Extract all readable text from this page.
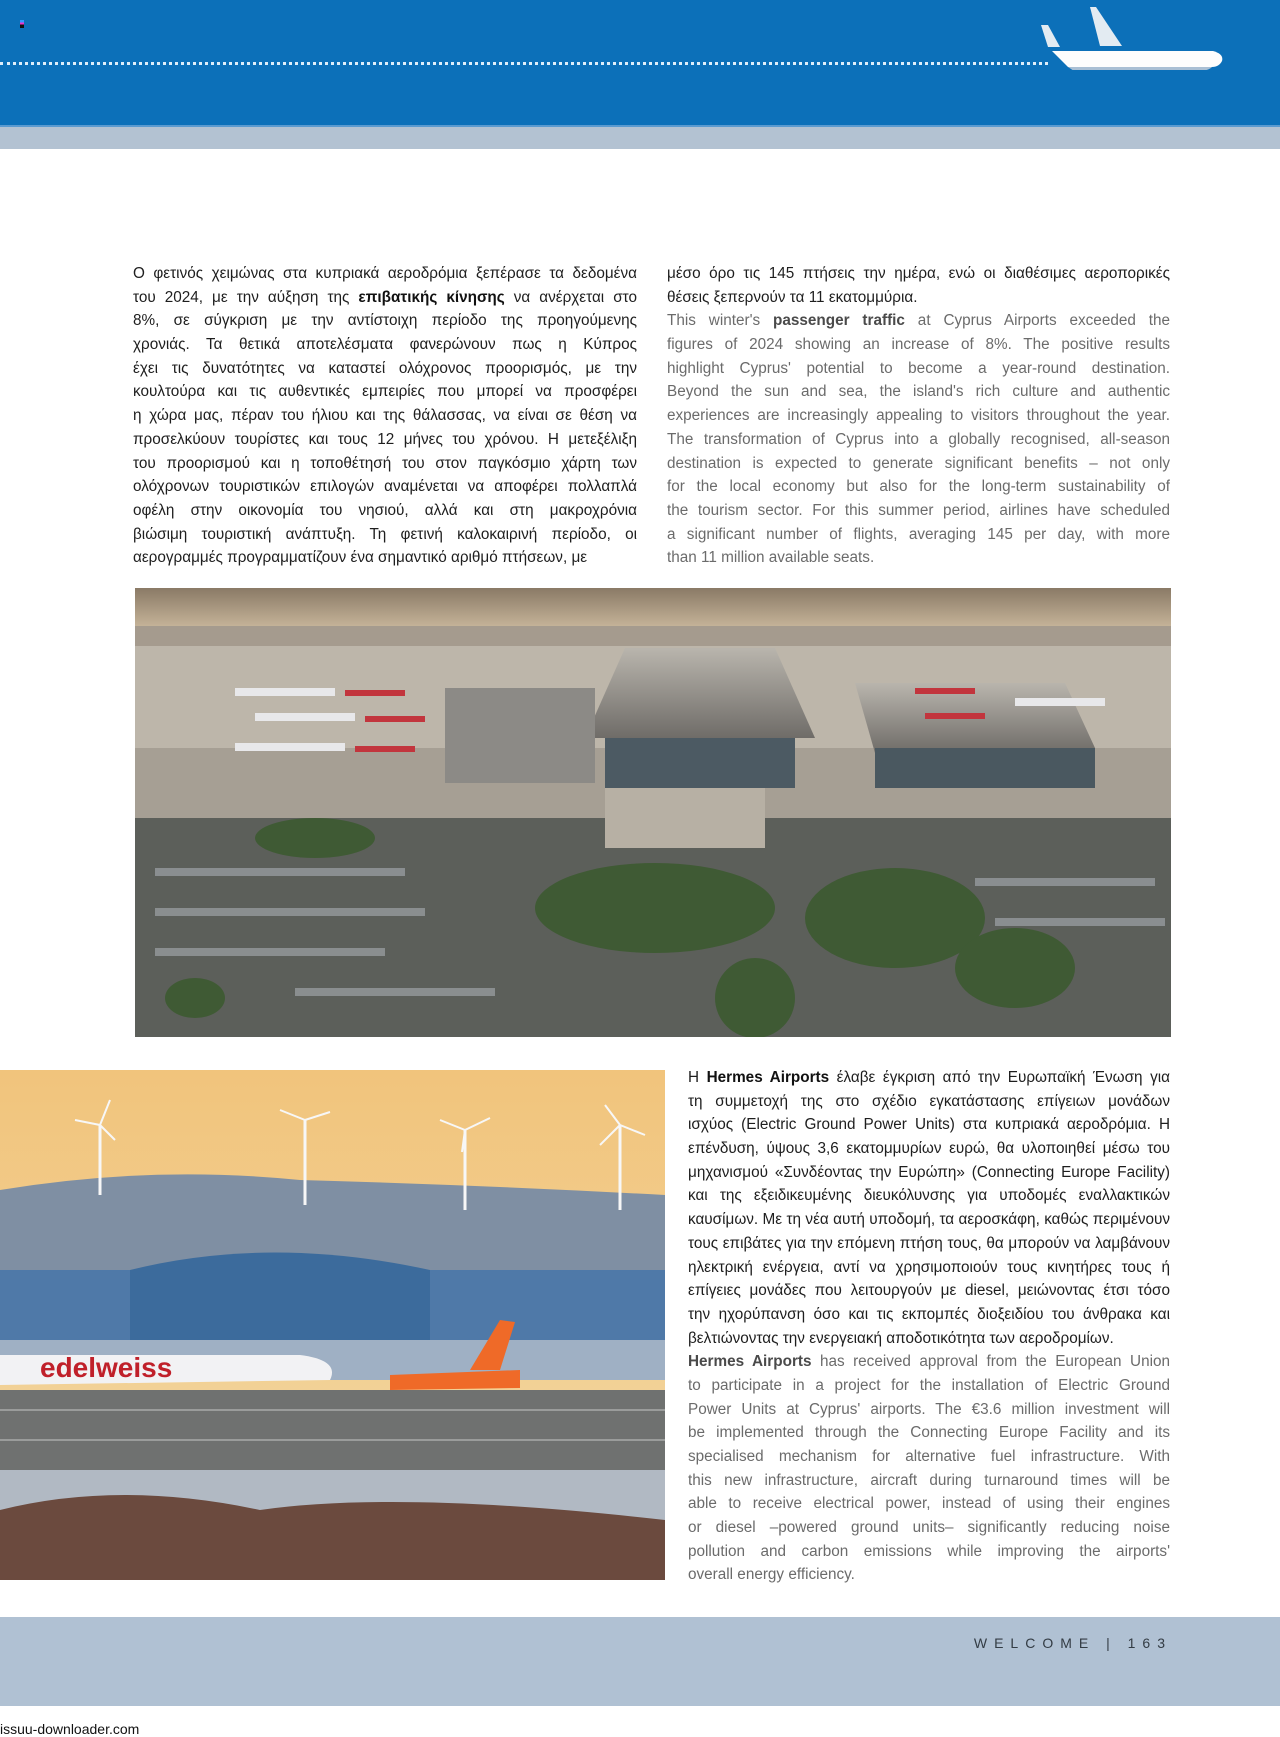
Ο φετινός χειμώνας στα κυπριακά αεροδρόμια ξεπέρασε τα δεδομένα
του 2024, με την αύξηση της επιβατικής κίνησης να ανέρχεται στο
8%, σε σύγκριση με την αντίστοιχη περίοδο της προηγούμενης
χρονιάς. Τα θετικά αποτελέσματα φανερώνουν πως η Κύπρος
έχει τις δυνατότητες να καταστεί ολόχρονος προορισμός, με την
κουλτούρα και τις αυθεντικές εμπειρίες που μπορεί να προσφέρει
η χώρα μας, πέραν του ήλιου και της θάλασσας, να είναι σε θέση να
προσελκύουν τουρίστες και τους 12 μήνες του χρόνου. Η μετεξέλιξη
του προορισμού και η τοποθέτησή του στον παγκόσμιο χάρτη των
ολόχρονων τουριστικών επιλογών αναμένεται να αποφέρει πολλαπλά
οφέλη στην οικονομία του νησιού, αλλά και στη μακροχρόνια
βιώσιμη τουριστική ανάπτυξη. Τη φετινή καλοκαιρινή περίοδο, οι
αερογραμμές προγραμματίζουν ένα σημαντικό αριθμό πτήσεων, με
μέσο όρο τις 145 πτήσεις την ημέρα, ενώ οι διαθέσιμες αεροπορικές
θέσεις ξεπερνούν τα 11 εκατομμύρια.
This winter's passenger traffic at Cyprus Airports exceeded the
figures of 2024 showing an increase of 8%. The positive results
highlight Cyprus' potential to become a year-round destination.
Beyond the sun and sea, the island's rich culture and authentic
experiences are increasingly appealing to visitors throughout the year.
The transformation of Cyprus into a globally recognised, all-season
destination is expected to generate significant benefits – not only
for the local economy but also for the long-term sustainability of
the tourism sector. For this summer period, airlines have scheduled
a significant number of flights, averaging 145 per day, with more
than 11 million available seats.
edelweiss
Η Hermes Airports έλαβε έγκριση από την Ευρωπαϊκή Ένωση για
τη συμμετοχή της στο σχέδιο εγκατάστασης επίγειων μονάδων
ισχύος (Electric Ground Power Units) στα κυπριακά αεροδρόμια. Η
επένδυση, ύψους 3,6 εκατομμυρίων ευρώ, θα υλοποιηθεί μέσω του
μηχανισμού «Συνδέοντας την Ευρώπη» (Connecting Europe Facility)
και της εξειδικευμένης διευκόλυνσης για υποδομές εναλλακτικών
καυσίμων. Με τη νέα αυτή υποδομή, τα αεροσκάφη, καθώς περιμένουν
τους επιβάτες για την επόμενη πτήση τους, θα μπορούν να λαμβάνουν
ηλεκτρική ενέργεια, αντί να χρησιμοποιούν τους κινητήρες τους ή
επίγειες μονάδες που λειτουργούν με diesel, μειώνοντας έτσι τόσο
την ηχορύπανση όσο και τις εκπομπές διοξειδίου του άνθρακα και
βελτιώνοντας την ενεργειακή αποδοτικότητα των αεροδρομίων.
Hermes Airports has received approval from the European Union
to participate in a project for the installation of Electric Ground
Power Units at Cyprus' airports. The €3.6 million investment will
be implemented through the Connecting Europe Facility and its
specialised mechanism for alternative fuel infrastructure. With
this new infrastructure, aircraft during turnaround times will be
able to receive electrical power, instead of using their engines
or diesel –powered ground units– significantly reducing noise
pollution and carbon emissions while improving the airports'
overall energy efficiency.
WELCOME | 163
issuu-downloader.com
